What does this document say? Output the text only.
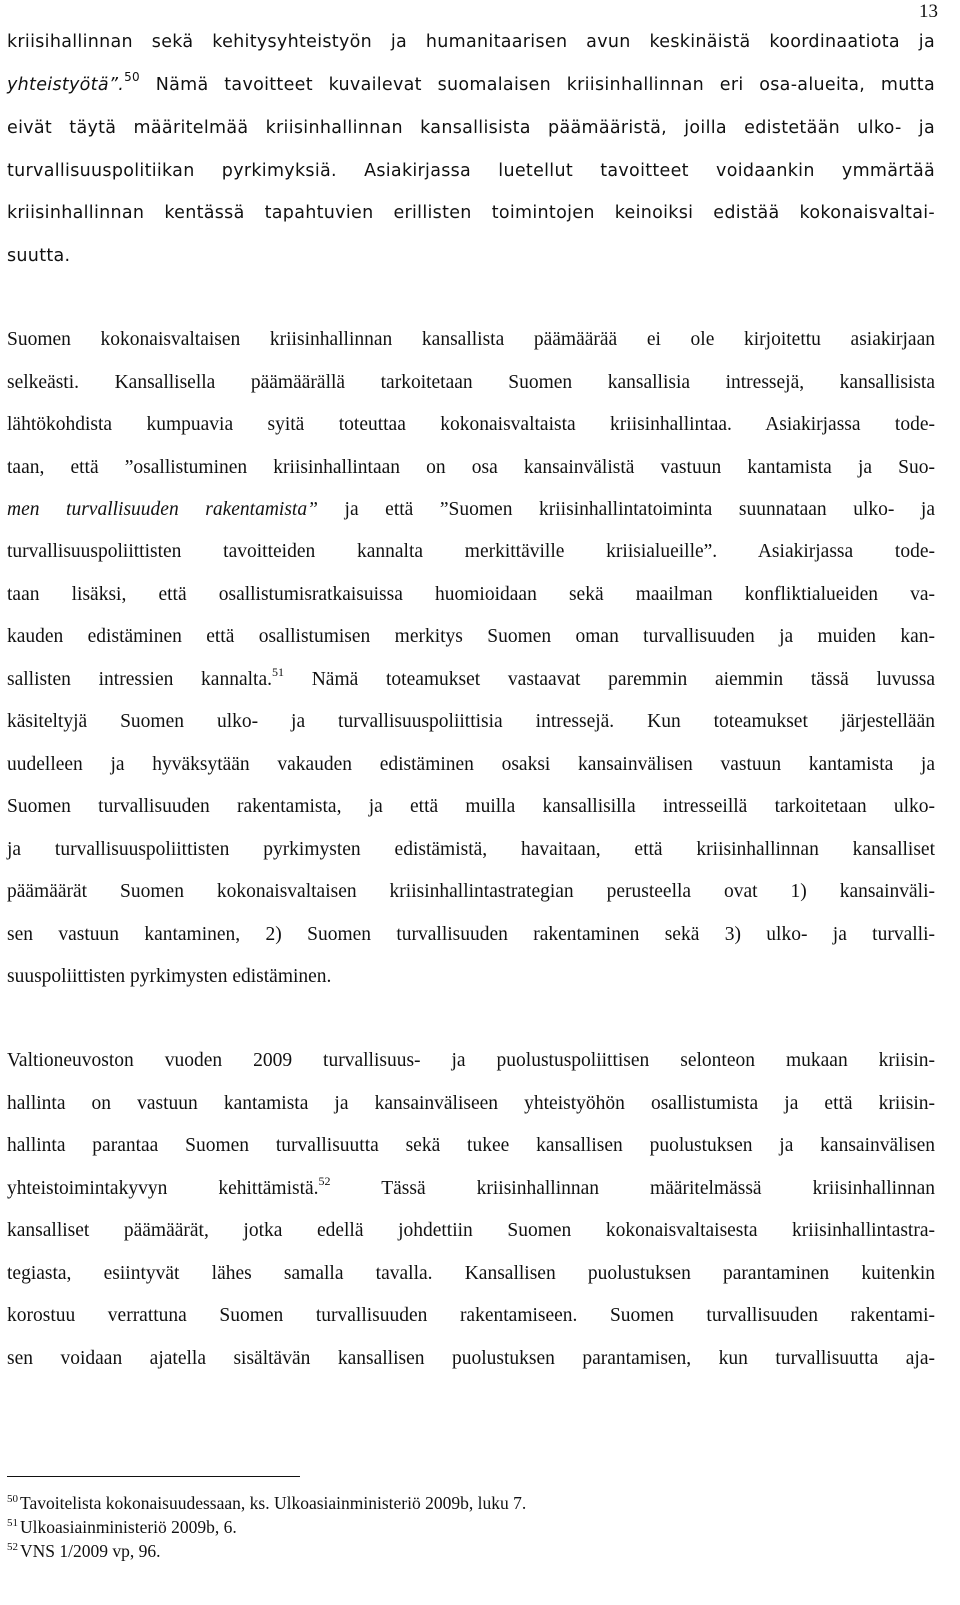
13
kriisihallinnan sekä kehitysyhteistyön ja humanitaarisen avun keskinäistä koordinaatiota ja
yhteistyötä”.$^{50}$ Nämä tavoitteet kuvailevat suomalaisen kriisinhallinnan eri osa-alueita, mutta
eivät täytä määritelmää kriisinhallinnan kansallisista päämääristä, joilla edistetään ulko- ja
turvallisuuspolitiikan pyrkimyksiä. Asiakirjassa luetellut tavoitteet voidaankin ymmärtää
kriisinhallinnan kentässä tapahtuvien erillisten toimintojen keinoiksi edistää kokonaisvaltai-
suutta.
Suomen kokonaisvaltaisen kriisinhallinnan kansallista päämäärää ei ole kirjoitettu asiakirjaan
selkeästi. Kansallisella päämäärällä tarkoitetaan Suomen kansallisia intressejä, kansallisista
lähtökohdista kumpuavia syitä toteuttaa kokonaisvaltaista kriisinhallintaa. Asiakirjassa tode-
taan, että ”osallistuminen kriisinhallintaan on osa kansainvälistä vastuun kantamista ja Suo-
men turvallisuuden rakentamista” ja että ”Suomen kriisinhallintatoiminta suunnataan ulko- ja
turvallisuuspoliittisten tavoitteiden kannalta merkittäville kriisialueille”. Asiakirjassa tode-
taan lisäksi, että osallistumisratkaisuissa huomioidaan sekä maailman konfliktialueiden va-
kauden edistäminen että osallistumisen merkitys Suomen oman turvallisuuden ja muiden kan-
sallisten intressien kannalta.$^{51}$ Nämä toteamukset vastaavat paremmin aiemmin tässä luvussa
käsiteltyjä Suomen ulko- ja turvallisuuspoliittisia intressejä. Kun toteamukset järjestellään
uudelleen ja hyväksytään vakauden edistäminen osaksi kansainvälisen vastuun kantamista ja
Suomen turvallisuuden rakentamista, ja että muilla kansallisilla intresseillä tarkoitetaan ulko-
ja turvallisuuspoliittisten pyrkimysten edistämistä, havaitaan, että kriisinhallinnan kansalliset
päämäärät Suomen kokonaisvaltaisen kriisinhallintastrategian perusteella ovat 1) kansainväli-
sen vastuun kantaminen, 2) Suomen turvallisuuden rakentaminen sekä 3) ulko- ja turvalli-
suuspoliittisten pyrkimysten edistäminen.
Valtioneuvoston vuoden 2009 turvallisuus- ja puolustuspoliittisen selonteon mukaan kriisin-
hallinta on vastuun kantamista ja kansainväliseen yhteistyöhön osallistumista ja että kriisin-
hallinta parantaa Suomen turvallisuutta sekä tukee kansallisen puolustuksen ja kansainvälisen
yhteistoimintakyvyn kehittämistä.$^{52}$	Tässä kriisinhallinnan määritelmässä kriisinhallinnan
kansalliset päämäärät, jotka edellä johdettiin Suomen kokonaisvaltaisesta kriisinhallintastra-
tegiasta, esiintyvät lähes samalla tavalla. Kansallisen puolustuksen parantaminen kuitenkin
korostuu verrattuna Suomen turvallisuuden rakentamiseen. Suomen turvallisuuden rakentami-
sen voidaan ajatella sisältävän kansallisen puolustuksen parantamisen, kun turvallisuutta aja-
$^{50}$ Tavoitelista kokonaisuudessaan, ks. Ulkoasiainministeriö 2009b, luku 7.
$^{51}$ Ulkoasiainministeriö 2009b, 6.
$^{52}$ VNS 1/2009 vp, 96.
